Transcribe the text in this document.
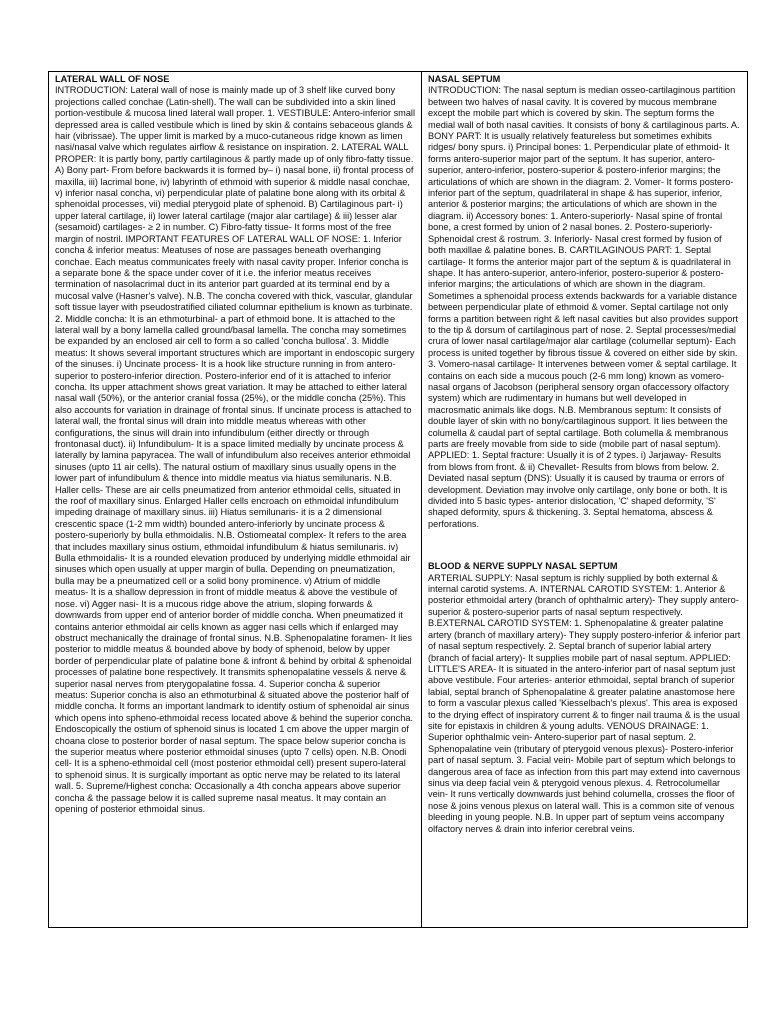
LATERAL WALL OF NOSE

INTRODUCTION: Lateral wall of nose is mainly made up of 3 shelf like curved bony projections called conchae (Latin-shell). The wall can be subdivided into a skin lined portion-vestibule & mucosa lined lateral wall proper. 1. VESTIBULE: Antero-inferior small depressed area is called vestibule which is lined by skin & contains sebaceous glands & hair (vibrissae). The upper limit is marked by a muco-cutaneous ridge known as limen nasi/nasal valve which regulates airflow & resistance on inspiration. 2. LATERAL WALL PROPER: It is partly bony, partly cartilaginous & partly made up of only fibro-fatty tissue. A) Bony part- From before backwards it is formed by– i) nasal bone, ii) frontal process of maxilla, iii) lacrimal bone, iv) labyrinth of ethmoid with superior & middle nasal conchae, v) inferior nasal concha, vi) perpendicular plate of palatine bone along with its orbital & sphenoidal processes, vii) medial pterygoid plate of sphenoid. B) Cartilaginous part- i) upper lateral cartilage, ii) lower lateral cartilage (major alar cartilage) & iii) lesser alar (sesamoid) cartilages- ≥ 2 in number. C) Fibro-fatty tissue- It forms most of the free margin of nostril. IMPORTANT FEATURES OF LATERAL WALL OF NOSE: 1. Inferior concha & inferior meatus: Meatuses of nose are passages beneath overhanging conchae. Each meatus communicates freely with nasal cavity proper. Inferior concha is a separate bone & the space under cover of it i.e. the inferior meatus receives termination of nasolacrimal duct in its anterior part guarded at its terminal end by a mucosal valve (Hasner's valve). N.B. The concha covered with thick, vascular, glandular soft tissue layer with pseudostratified ciliated columnar epithelium is known as turbinate. 2. Middle concha: It is an ethmoturbinal- a part of ethmoid bone. It is attached to the lateral wall by a bony lamella called ground/basal lamella. The concha may sometimes be expanded by an enclosed air cell to form a so called 'concha bullosa'. 3. Middle meatus: It shows several important structures which are important in endoscopic surgery of the sinuses. i) Uncinate process- It is a hook like structure running in from antero-superior to postero-inferior direction. Postero-inferior end of it is attached to inferior concha. Its upper attachment shows great variation. It may be attached to either lateral nasal wall (50%), or the anterior cranial fossa (25%), or the middle concha (25%). This also accounts for variation in drainage of frontal sinus. If uncinate process is attached to lateral wall, the frontal sinus will drain into middle meatus whereas with other configurations, the sinus will drain into infundibulum (either directly or through frontonasal duct). ii) Infundibulum- It is a space limited medially by uncinate process & laterally by lamina papyracea. The wall of infundibulum also receives anterior ethmoidal sinuses (upto 11 air cells). The natural ostium of maxillary sinus usually opens in the lower part of infundibulum & thence into middle meatus via hiatus semilunaris. N.B. Haller cells- These are air cells pneumatized from anterior ethmoidal cells, situated in the roof of maxillary sinus. Enlarged Haller cells encroach on ethmoidal infundibulum impeding drainage of maxillary sinus. iii) Hiatus semilunaris- it is a 2 dimensional crescentic space (1-2 mm width) bounded antero-inferiorly by uncinate process & postero-superiorly by bulla ethmoidalis. N.B. Ostiomeatal complex- It refers to the area that includes maxillary sinus ostium, ethmoidal infundibulum & hiatus semilunaris. iv) Bulla ethmoidalis- It is a rounded elevation produced by underlying middle ethmoidal air sinuses which open usually at upper margin of bulla. Depending on pneumatization, bulla may be a pneumatized cell or a solid bony prominence. v) Atrium of middle meatus- It is a shallow depression in front of middle meatus & above the vestibule of nose. vi) Agger nasi- It is a mucous ridge above the atrium, sloping forwards & downwards from upper end of anterior border of middle concha. When pneumatized it contains anterior ethmoidal air cells known as agger nasi cells which if enlarged may obstruct mechanically the drainage of frontal sinus. N.B. Sphenopalatine foramen- It lies posterior to middle meatus & bounded above by body of sphenoid, below by upper border of perpendicular plate of palatine bone & infront & behind by orbital & sphenoidal processes of palatine bone respectively. It transmits sphenopalatine vessels & nerve & superior nasal nerves from pterygopalatine fossa. 4. Superior concha & superior meatus: Superior concha is also an ethmoturbinal & situated above the posterior half of middle concha. It forms an important landmark to identify ostium of sphenoidal air sinus which opens into spheno-ethmoidal recess located above & behind the superior concha. Endoscopically the ostium of sphenoid sinus is located 1 cm above the upper margin of choana close to posterior border of nasal septum. The space below superior concha is the superior meatus where posterior ethmoidal sinuses (upto 7 cells) open. N.B. Onodi cell- It is a spheno-ethmoidal cell (most posterior ethmoidal cell) present supero-lateral to sphenoid sinus. It is surgically important as optic nerve may be related to its lateral wall. 5. Supreme/Highest concha: Occasionally a 4th concha appears above superior concha & the passage below it is called supreme nasal meatus. It may contain an opening of posterior ethmoidal sinus.

NASAL SEPTUM

INTRODUCTION: The nasal septum is median osseo-cartilaginous partition between two halves of nasal cavity. It is covered by mucous membrane except the mobile part which is covered by skin. The septum forms the medial wall of both nasal cavities. It consists of bony & cartilaginous parts. A. BONY PART: It is usually relatively featureless but sometimes exhibits ridges/ bony spurs. i) Principal bones: 1. Perpendicular plate of ethmoid- It forms antero-superior major part of the septum. It has superior, antero-superior, antero-inferior, postero-superior & postero-inferior margins; the articulations of which are shown in the diagram. 2. Vomer- It forms postero-inferior part of the septum, quadrilateral in shape & has superior, inferior, anterior & posterior margins; the articulations of which are shown in the diagram. ii) Accessory bones: 1. Antero-superiorly- Nasal spine of frontal bone, a crest formed by union of 2 nasal bones. 2. Postero-superiorly- Sphenoidal crest & rostrum. 3. Inferiorly- Nasal crest formed by fusion of both maxillae & palatine bones. B. CARTILAGINOUS PART: 1. Septal cartilage- It forms the anterior major part of the septum & is quadrilateral in shape. It has antero-superior, antero-inferior, postero-superior & postero-inferior margins; the articulations of which are shown in the diagram. Sometimes a sphenoidal process extends backwards for a variable distance between perpendicular plate of ethmoid & vomer. Septal cartilage not only forms a partition between right & left nasal cavities but also provides support to the tip & dorsum of cartilaginous part of nose. 2. Septal processes/medial crura of lower nasal cartilage/major alar cartilage (columellar septum)- Each process is united together by fibrous tissue & covered on either side by skin. 3. Vomero-nasal cartilage- It intervenes between vomer & septal cartilage. It contains on each side a mucous pouch (2-6 mm long) known as vomero-nasal organs of Jacobson (peripheral sensory organ ofaccessory olfactory system) which are rudimentary in humans but well developed in macrosmatic animals like dogs. N.B. Membranous septum: It consists of double layer of skin with no bony/cartilaginous support. It lies between the columella & caudal part of septal cartilage. Both columella & membranous parts are freely movable from side to side (mobile part of nasal septum). APPLIED: 1. Septal fracture: Usually it is of 2 types. i) Jarjaway- Results from blows from front. & ii) Chevallet- Results from blows from below. 2. Deviated nasal septum (DNS): Usually it is caused by trauma or errors of development. Deviation may involve only cartilage, only bone or both. It is divided into 5 basic types- anterior dislocation, 'C' shaped deformity, 'S' shaped deformity, spurs & thickening. 3. Septal hematoma, abscess & perforations.

BLOOD & NERVE SUPPLY NASAL SEPTUM

ARTERIAL SUPPLY: Nasal septum is richly supplied by both external & internal carotid systems. A. INTERNAL CAROTID SYSTEM: 1. Anterior & posterior ethmoidal artery (branch of ophthalmic artery)- They supply antero-superior & postero-superior parts of nasal septum respectively. B.EXTERNAL CAROTID SYSTEM: 1. Sphenopalatine & greater palatine artery (branch of maxillary artery)- They supply postero-inferior & inferior part of nasal septum respectively. 2. Septal branch of superior labial artery (branch of facial artery)- It supplies mobile part of nasal septum. APPLIED: LITTLE'S AREA- It is situated in the antero-inferior part of nasal septum just above vestibule. Four arteries- anterior ethmoidal, septal branch of superior labial, septal branch of Sphenopalatine & greater palatine anastomose here to form a vascular plexus called 'Kiesselbach's plexus'. This area is exposed to the drying effect of inspiratory current & to finger nail trauma & is the usual site for epistaxis in children & young adults. VENOUS DRAINAGE: 1. Superior ophthalmic vein- Antero-superior part of nasal septum. 2. Sphenopalatine vein (tributary of pterygoid venous plexus)- Postero-inferior part of nasal septum. 3. Facial vein- Mobile part of septum which belongs to dangerous area of face as infection from this part may extend into cavernous sinus via deep facial vein & pterygoid venous plexus. 4. Retrocolumellar vein- It runs vertically downwards just behind columella, crosses the floor of nose & joins venous plexus on lateral wall. This is a common site of venous bleeding in young people. N.B. In upper part of septum veins accompany olfactory nerves & drain into inferior cerebral veins.
